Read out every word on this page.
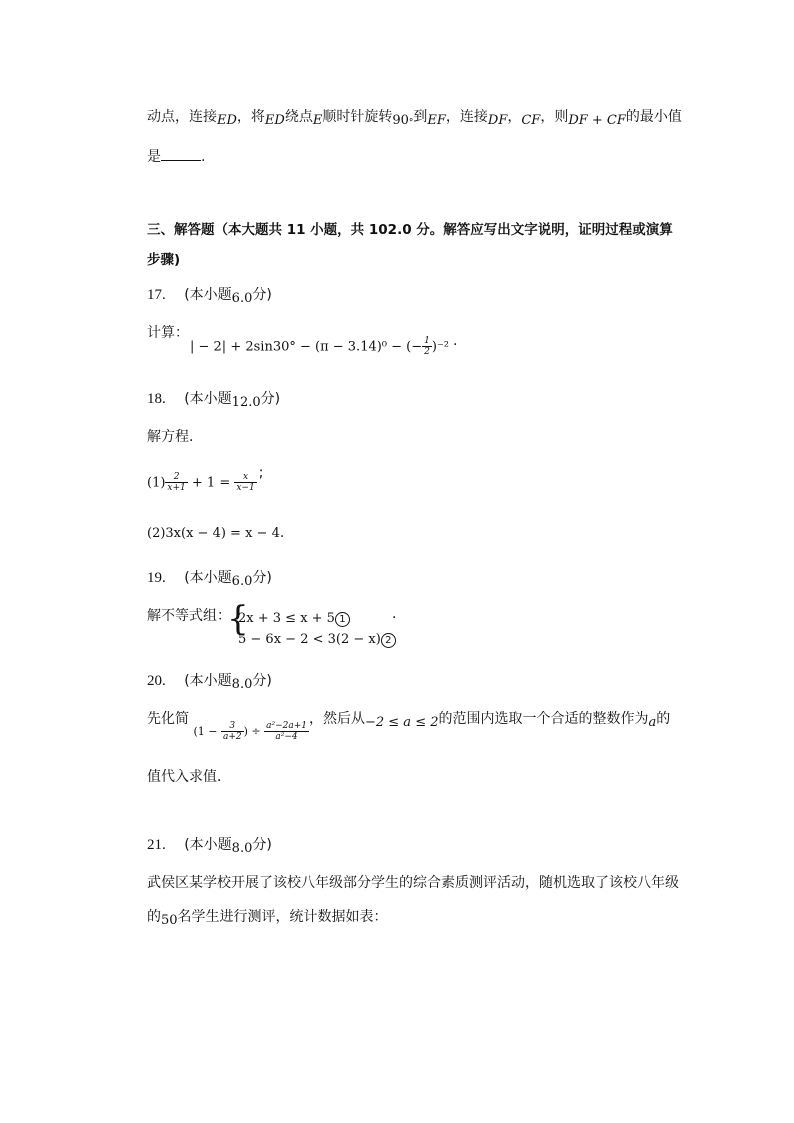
动点，连接ED，将ED绕点E顺时针旋转$90^\circ$到EF，连接DF，CF，则DF + CF的最小值
是	.
三、解答题（本大题共 11 小题，共 102.0 分。解答应写出文字说明，证明过程或演算
步骤)
17. (本小题6.0分)
计算：
| − 2| + 2sin30° − (π − 3.14)⁰ − (− $\frac{1}{2} )^{-2}$ .
18. (本小题12.0分)
解方程．
$(1) \frac{2}{x+1} + 1 = \frac{x}{x-1}$ ;
(2)3x(x − 4) = x − 4.
19. (本小题6.0分)
解不等式组：
{
2x + 3 ≤ x + 5 1
5 − 6x − 2 < 3(2 − x) 2
.
20. (本小题8.0分)
先化简 ($1 - \frac{3}{a+2}$ ) ÷ $\frac{\text{a²−2a+1}}{\text{a²−4}}$
，然后从−2 ≤ a ≤ 2的范围内选取一个合适的整数作为a的
值代入求值．
21. (本小题8.0分)
武侯区某学校开展了该校八年级部分学生的综合素质测评活动，随机选取了该校八年级
的50名学生进行测评，统计数据如表：
